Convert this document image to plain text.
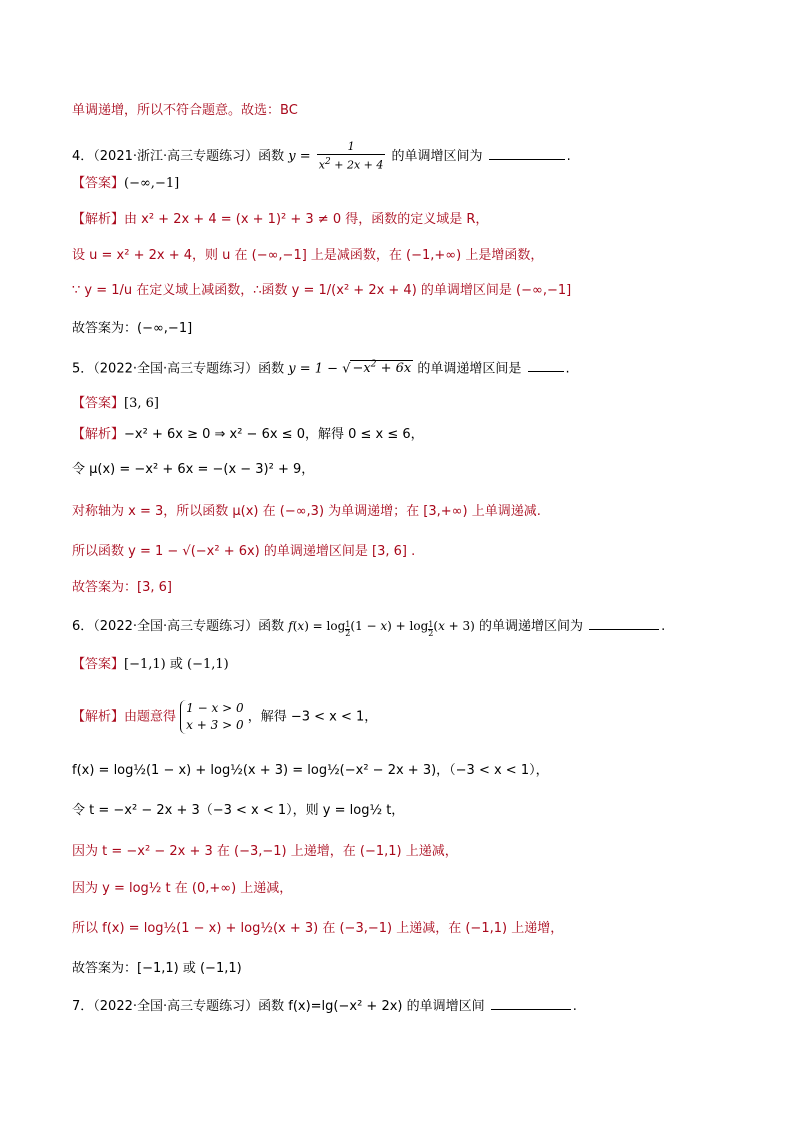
单调递增，所以不符合题意。故选：BC
4．（2021·浙江·高三专题练习）函数 $y = \frac{1}{x^2 + 2x + 4}$ 的单调增区间为	.
【答案】(−∞,−1]
【解析】由 x² + 2x + 4 = (x + 1)² + 3 ≠ 0 得，函数的定义域是 R，
设 u = x² + 2x + 4，则 u 在 (−∞,−1] 上是减函数，在 (−1,+∞) 上是增函数，
∵ y = 1/u 在定义域上减函数，∴函数 y = 1/(x² + 2x + 4) 的单调增区间是 (−∞,−1]
故答案为：(−∞,−1]
5．（2022·全国·高三专题练习）函数 y = 1 − √ $-x^2 + 6x$ 的单调递增区间是	.
【答案】[3, 6]
【解析】−x² + 6x ≥ 0 ⇒ x² − 6x ≤ 0，解得 0 ≤ x ≤ 6，
令 μ(x) = −x² + 6x = −(x − 3)² + 9，
对称轴为 x = 3，所以函数 μ(x) 在 (−∞,3) 为单调递增；在 [3,+∞) 上单调递减.
所以函数 y = 1 − √(−x² + 6x) 的单调递增区间是 [3, 6] .
故答案为：[3, 6]
6．（2022·全国·高三专题练习）函数 $f(x) = \log \frac{1}{2} (1 - x) + \log \frac{1}{2} (x + 3)$ 的单调递增区间为	.
【答案】[−1,1) 或 (−1,1)
【解析】由题意得
1 − x > 0
x + 3 > 0
，解得 −3 < x < 1，
f(x) = log½(1 − x) + log½(x + 3) = log½(−x² − 2x + 3)，（−3 < x < 1），
令 t = −x² − 2x + 3（−3 < x < 1），则 y = log½ t，
因为 t = −x² − 2x + 3 在 (−3,−1) 上递增，在 (−1,1) 上递减，
因为 y = log½ t 在 (0,+∞) 上递减，
所以 f(x) = log½(1 − x) + log½(x + 3) 在 (−3,−1) 上递减，在 (−1,1) 上递增，
故答案为：[−1,1) 或 (−1,1)
7．（2022·全国·高三专题练习）函数 f(x)=lg(−x² + 2x) 的单调增区间	.
